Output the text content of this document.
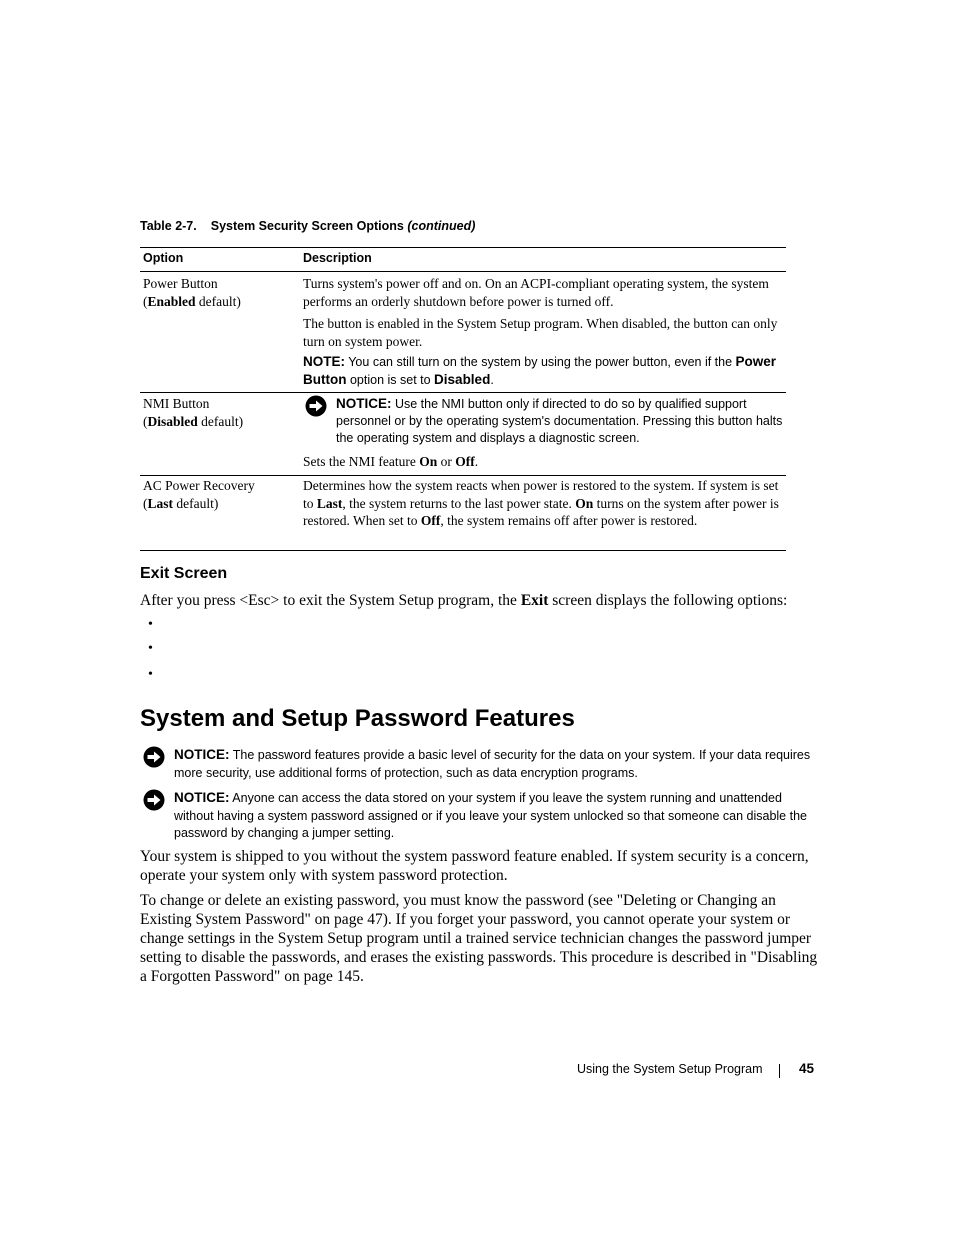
Table 2-7. System Security Screen Options (continued)
Option	Description
Power Button
(Enabled default)
Turns system's power off and on. On an ACPI-compliant operating system, the system performs an orderly shutdown before power is turned off.
The button is enabled in the System Setup program. When disabled, the button can only turn on system power.
NOTE: You can still turn on the system by using the power button, even if the Power Button option is set to Disabled.
NMI Button
(Disabled default)
NOTICE: Use the NMI button only if directed to do so by qualified support personnel or by the operating system's documentation. Pressing this button halts the operating system and displays a diagnostic screen.
Sets the NMI feature On or Off.
AC Power Recovery
(Last default)
Determines how the system reacts when power is restored to the system. If system is set to Last, the system returns to the last power state. On turns on the system after power is restored. When set to Off, the system remains off after power is restored.
Exit Screen
After you press <Esc> to exit the System Setup program, the Exit screen displays the following options:
•
•
•
System and Setup Password Features
NOTICE: The password features provide a basic level of security for the data on your system. If your data requires more security, use additional forms of protection, such as data encryption programs.
NOTICE: Anyone can access the data stored on your system if you leave the system running and unattended without having a system password assigned or if you leave your system unlocked so that someone can disable the password by changing a jumper setting.
Your system is shipped to you without the system password feature enabled. If system security is a concern, operate your system only with system password protection.
To change or delete an existing password, you must know the password (see "Deleting or Changing an Existing System Password" on page 47). If you forget your password, you cannot operate your system or change settings in the System Setup program until a trained service technician changes the password jumper setting to disable the passwords, and erases the existing passwords. This procedure is described in "Disabling a Forgotten Password" on page 145.
Using the System Setup Program	45
